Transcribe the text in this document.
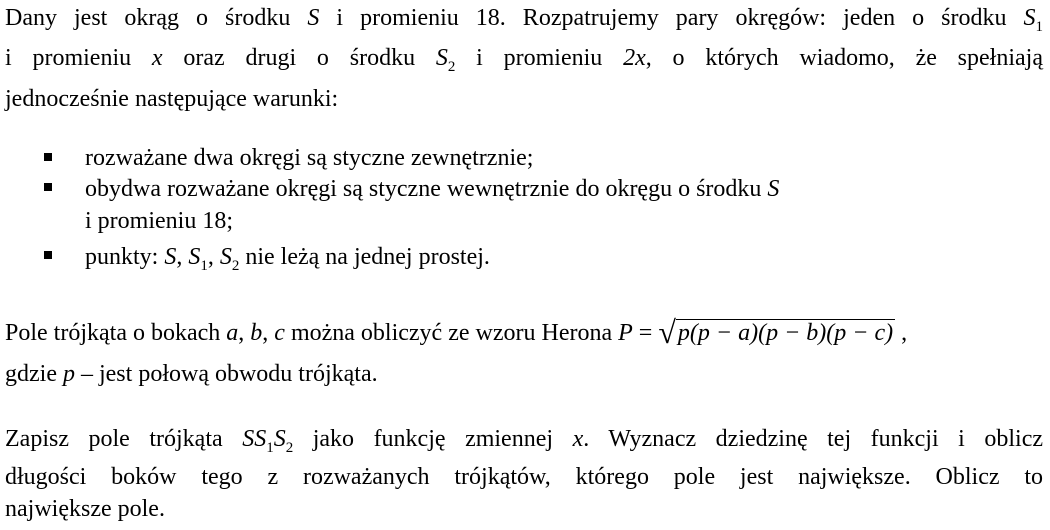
Dany jest okrąg o środku S i promieniu 18. Rozpatrujemy pary okręgów: jeden o środku $S_1$
i promieniu x oraz drugi o środku $S_2$ i promieniu 2x, o których wiadomo, że spełniają
jednocześnie następujące warunki:
rozważane dwa okręgi są styczne zewnętrznie;
obydwa rozważane okręgi są styczne wewnętrznie do okręgu o środku S
i promieniu 18;
punkty: S, $S_1$, $S_2$ nie leżą na jednej prostej.
Pole trójkąta o bokach a, b, c można obliczyć ze wzoru Herona P = √p(p − a)(p − b)(p − c) ,
gdzie p – jest połową obwodu trójkąta.
Zapisz pole trójkąta $SS_1S_2$ jako funkcję zmiennej x. Wyznacz dziedzinę tej funkcji i oblicz
długości boków tego z rozważanych trójkątów, którego pole jest największe. Oblicz to
największe pole.
